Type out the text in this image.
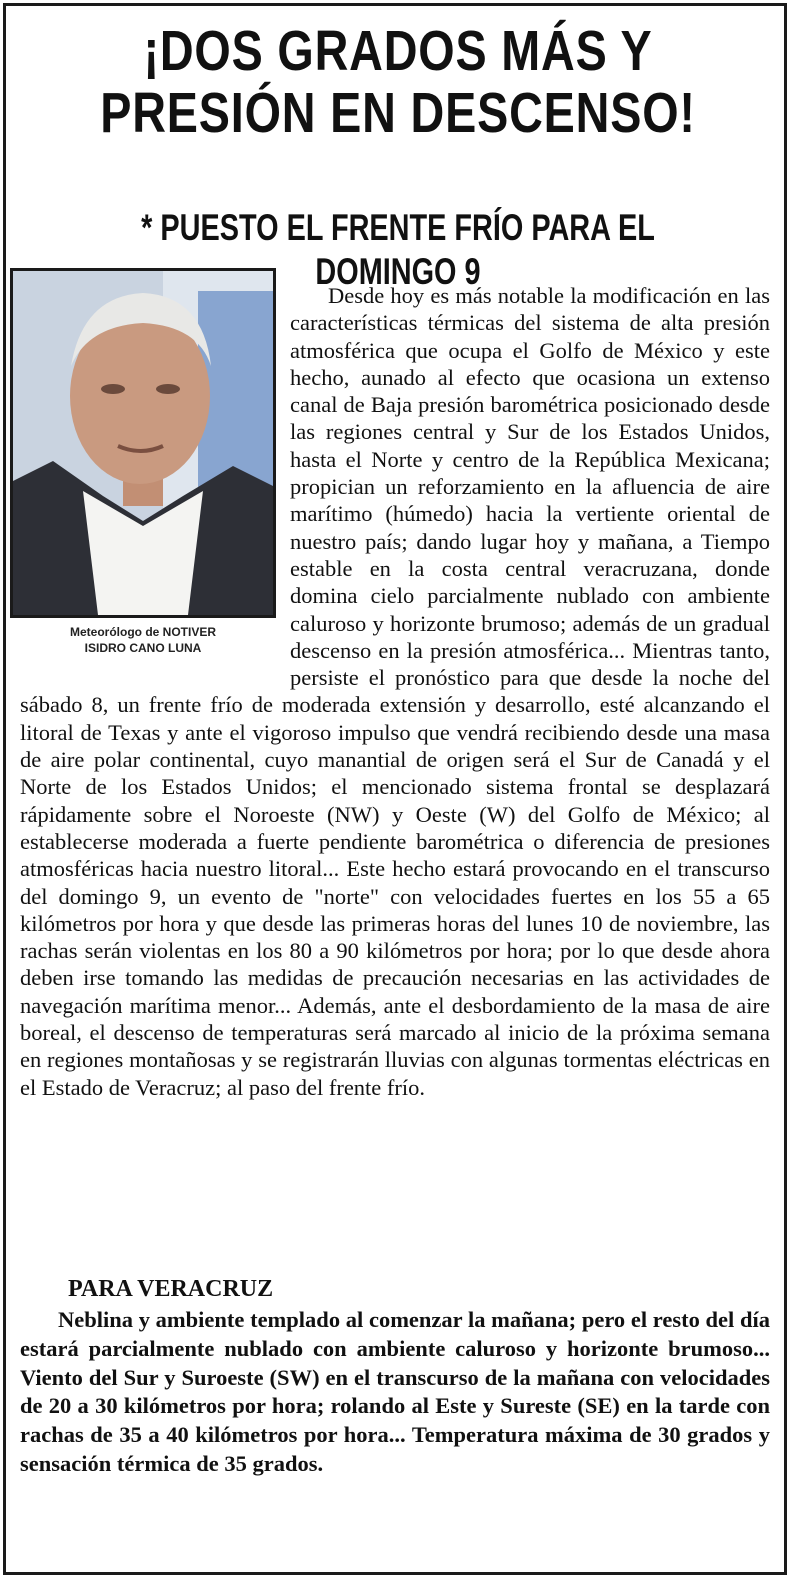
¡DOS GRADOS MÁS Y
PRESIÓN EN DESCENSO!
* PUESTO EL FRENTE FRÍO PARA EL DOMINGO 9
Meteorólogo de NOTIVER
ISIDRO CANO LUNA

Desde hoy es más notable la modificación en las características térmicas del sistema de alta presión atmosférica que ocupa el Golfo de México y este hecho, aunado al efecto que ocasiona un extenso canal de Baja presión barométrica posicionado desde las regiones central y Sur de los Estados Unidos, hasta el Norte y centro de la República Mexicana; propician un reforzamiento en la afluencia de aire marítimo (húmedo) hacia la vertiente oriental de nuestro país; dando lugar hoy y mañana, a Tiempo estable en la costa central veracruzana, donde domina cielo parcialmente nublado con ambiente caluroso y horizonte brumoso; además de un gradual descenso en la presión atmosférica... Mientras tanto, persiste el pronóstico para que desde la noche del sábado 8, un frente frío de moderada extensión y desarrollo, esté alcanzando el litoral de Texas y ante el vigoroso impulso que vendrá recibiendo desde una masa de aire polar continental, cuyo manantial de origen será el Sur de Canadá y el Norte de los Estados Unidos; el mencionado sistema frontal se desplazará rápidamente sobre el Noroeste (NW) y Oeste (W) del Golfo de México; al establecerse moderada a fuerte pendiente barométrica o diferencia de presiones atmosféricas hacia nuestro litoral... Este hecho estará provocando en el transcurso del domingo 9, un evento de "norte" con velocidades fuertes en los 55 a 65 kilómetros por hora y que desde las primeras horas del lunes 10 de noviembre, las rachas serán violentas en los 80 a 90 kilómetros por hora; por lo que desde ahora deben irse tomando las medidas de precaución necesarias en las actividades de navegación marítima menor... Además, ante el desbordamiento de la masa de aire boreal, el descenso de temperaturas será marcado al inicio de la próxima semana en regiones montañosas y se registrarán lluvias con algunas tormentas eléctricas en el Estado de Veracruz; al paso del frente frío.

PARA VERACRUZ

Neblina y ambiente templado al comenzar la mañana; pero el resto del día estará parcialmente nublado con ambiente caluroso y horizonte brumoso... Viento del Sur y Suroeste (SW) en el transcurso de la mañana con velocidades de 20 a 30 kilómetros por hora; rolando al Este y Sureste (SE) en la tarde con rachas de 35 a 40 kilómetros por hora... Temperatura máxima de 30 grados y sensación térmica de 35 grados.
